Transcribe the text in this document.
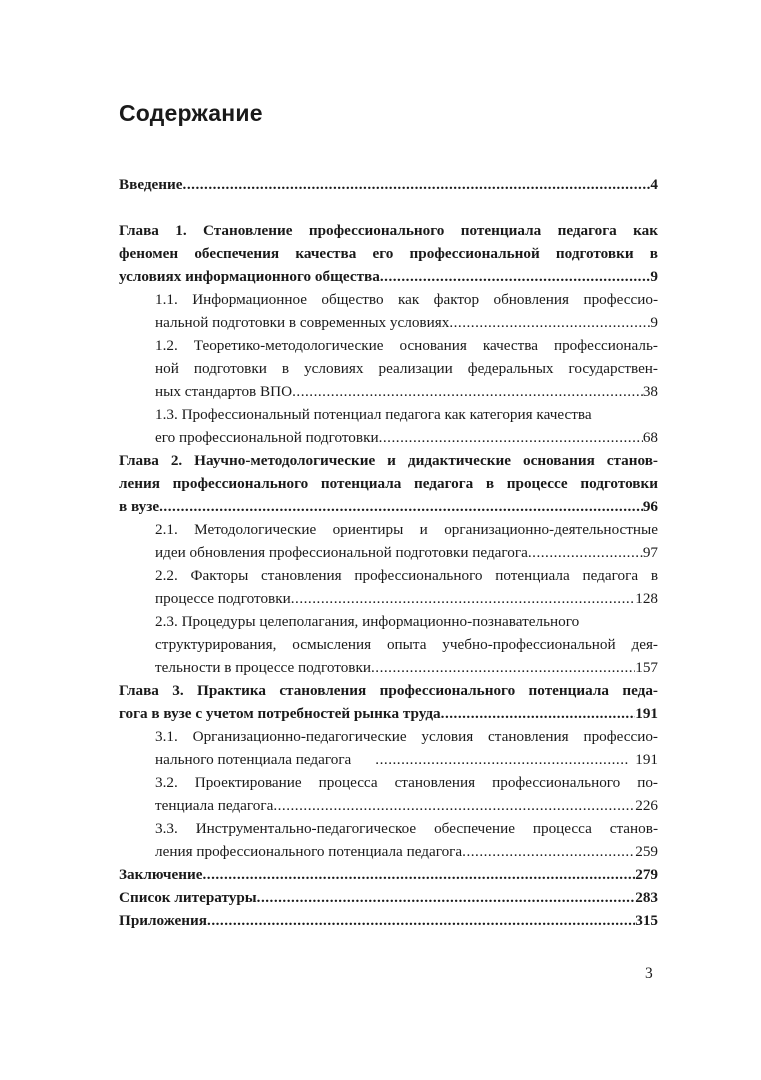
Содержание
Введение .....	4
Глава 1. Становление профессионального потенциала педагога как
феномен обеспечения качества его профессиональной подготовки в
условиях информационного общества .....	9
1.1. Информационное общество как фактор обновления профессио-
нальной подготовки в современных условиях .....	9
1.2. Теоретико-методологические основания качества профессиональ-
ной подготовки в условиях реализации федеральных государствен-
ных стандартов ВПО .....	38
1.3. Профессиональный потенциал педагога как категория качества
его профессиональной подготовки .....	68
Глава 2. Научно-методологические и дидактические основания станов-
ления профессионального потенциала педагога в процессе подготовки
в вузе .....	96
2.1. Методологические ориентиры и организационно-деятельностные
идеи обновления профессиональной подготовки педагога .....	97
2.2. Факторы становления профессионального потенциала педагога в
процессе подготовки .....	128
2.3. Процедуры целеполагания, информационно-познавательного
структурирования, осмысления опыта учебно-профессиональной дея-
тельности в процессе подготовки .....	157
Глава 3. Практика становления профессионального потенциала педа-
гога в вузе с учетом потребностей рынка труда .....	191
3.1. Организационно-педагогические условия становления профессио-
нального потенциала педагога .....	191
3.2. Проектирование процесса становления профессионального по-
тенциала педагога .....	226
3.3. Инструментально-педагогическое обеспечение процесса станов-
ления профессионального потенциала педагога .....	259
Заключение .....	279
Список литературы .....	283
Приложения .....	315
3
